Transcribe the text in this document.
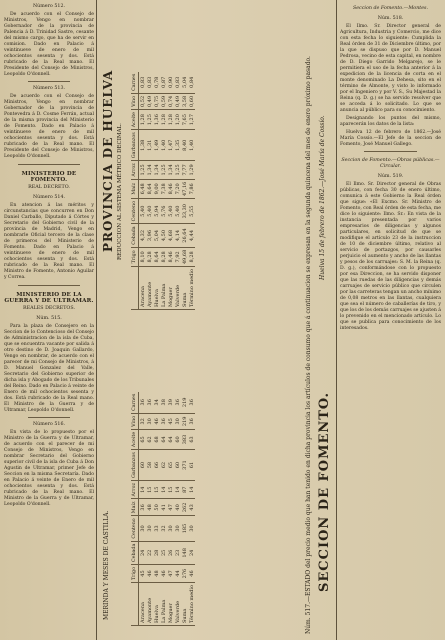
Número 512.

De acuerdo con el Consejo de Ministros, Vengo en nombrar Gobernador de la provincia de Palencia á D. Trinidad Sastre, cesante del mismo cargo, que ha de servir en comision. Dado en Palacio á veintinueve de enero de mil ochocientos sesenta y dos. Está rubricado de la Real mano. El Presidente del Consejo de Ministros, Leopoldo O'donnell.

Número 513.

De acuerdo con el Consejo de Ministros, Vengo en nombrar Gobernador de la provincia de Pontevedra á D. Cosme Ferrán, actual de la misma provincia del Ministerio de Fomento. Dado en Palacio á veintinueve de enero de mil ochocientos sesenta y dos. Está rubricado de la Real mano. El Presidente del Consejo de Ministros, Leopoldo O'donnell.

MINISTERIO DE FOMENTO.
REAL DECRETO.
Número 514.

En atencion á las méritos y circunstancias que concurren en Don Daniel Carballo, Diputado á Córtes y Secretario del Gobierno civil de la provincia de Madrid, Vengo en nombrarle Oficial tercero de la clase de primeros del Ministerio de Fomento. Dado en Palacio á veintinueve de enero de mil ochocientos sesenta y dos. Está rubricado de la Real mano. El Ministro de Fomento, Antonio Aguilar y Correa.

MINISTERIO DE LA GUERRA Y DE ULTRAMAR.
REALES DECRETOS.
Núm. 515.

Para la plaza de Consejero en la Seccion de lo Contencioso del Consejo de Administracion de la isla de Cuba, que se encuentra vacante por salida á otro destino de D. Joaquin Gallardo, Vengo en nombrar, de acuerdo con el parecer de mi Consejo de Ministros, á D. Manuel Gonzalez del Valle, Secretario del Gobierno superior de dicha isla y Abogado de los Tribunales del Reino. Dado en Palacio á veinte de Enero de mil ochocientos sesenta y dos. Está rubricado de la Real mano. El Ministro de la Guerra y de Ultramar, Leopoldo O'donnell.

Número 516.

En vista de lo propuesto por el Ministro de la Guerra y de Ultramar, de acuerdo con el parecer de mi Consejo de Ministros, Vengo en nombrar Secretario del Gobierno superior civil de la isla de Cuba á Don Agustin de Ultramar, primer Jefe de Seccion en la misma Secretaría. Dado en Palacio á veinte de Enero de mil ochocientos sesenta y dos. Está rubricado de la Real mano. El Ministro de la Guerra y de Ultramar, Leopoldo O'donnell.	SECCION DE FOMENTO.
Núm. 517.—ESTADO del precio medio que han tenido en dicha provincia los artículos de consumo que á continuacion se expresan en la segunda quincena del mes de enero próximo pasado.
MERINDA Y MESES DE CASTILLA.
PROVINCIA DE HUELVA REDUCCION AL SISTEMA MÉTRICO DECIMAL.	Huelva 15 de febrero de 1862.—José María de Cossío.
	Trigo	Cebada	Centeno	Maíz	Arroz	Garbanzos	Aceite	Vino	Carnes
Aracena	45	24	30	36	14	60	65	32	36
Ayamonte	46	22	30	48	15	58	62	30	36
Huelva	48	28	33	50	15	66	68	46	34
La Palma	46	25	32	41	14	62	64	36	38
Moguer	47	26	30	47	15	65	64	45	39
Valverde	44	23	30	40	14	60	60	30	36
Suma	276	148	185	262	87	371	383	219	219
Término medio	46	24	30	43	14	61	63	36	36
	Trigo	Cebada	Centeno	Maíz	Arroz	Garbanzos	Aceite	Vino	Carnes
Aracena	8,10	4,32	5,40	6,48	1,25	1,38	1,28	0,52	0,83
Ayamonte	8,28	3,96	5,40	8,64	1,34	1,31	1,25	0,49	0,83
Huelva	8,64	5,04	5,94	9,00	1,34	1,49	1,36	0,75	0,78
La Palma	8,28	4,50	5,76	7,38	1,25	1,40	1,28	0,59	0,87
Moguer	8,46	4,68	5,40	8,46	1,34	1,47	1,28	0,74	0,90
Valverde	7,92	4,14	5,40	7,20	1,25	1,35	1,20	0,49	0,83
Suma	49,68	26,64	33,30	47,16	7,77	8,40	7,65	3,58	5,04
Término medio	8,28	4,44	5,55	7,86	1,29	1,40	1,27	0,60	0,84
Seccion de Fomento.—Montes.
Núm. 518.

El Ilmo. Sr. Director general de Agricultura, Industria y Comercio, me dice con esta fecha lo siguiente: Cumplida la Real órden de 31 de Diciembre último, por la que se dispuso que por D. Manuel Pedrosa, vecino de esta capital, en nombre de D. Diego Garrido Melgarejo, se le permitiera el uso de la fecha anterior á la expedicion de la licencia de corta en el monte denominado La Dehesa, sito en el término de Almonte, y visto lo informado por el Ingeniero y por V. S., Su Majestad la Reina (q. D. g.) se ha servido resolver que se acceda á lo solicitado. Lo que se anuncia al público para su conocimiento.

Designando los puntos del mismo, aparecerán los datos de la lista:

Huelva 12 de febrero de 1862.—José María Cossío.—El Jefe de la seccion de Fomento, José Manuel Gallego.

Seccion de Fomento.—Obras públicas.—Circular.
Núm. 519.

El Ilmo. Sr. Director general de Obras públicas, con fecha 30 de enero último, comunica á este Gobierno la Real órden que sigue: «El Excmo. Sr. Ministro de Fomento, con Real órden de esta fecha, me dice lo siguiente: Ilmo. Sr.: En vista de la instancia presentada por varios empresarios de diligencias y algunos particulares, en solicitud de que se modifique el artículo 23 de la instruccion de 10 de diciembre último, relativo al servicio de portazgos, por causarles perjuicio el aumento y ancho de las llantas y pesos de los carruajes: S. M. la Reina (q. D. g.), conformándose con lo propuesto por esa Direccion, se ha servido disponer que las ruedas de las diligencias y demás carruajes de servicio público que circulen por las carreteras tengan un ancho mínimo de 0,08 metros en las llantas, cualquiera que sea el número de caballerías de tiro, y que los de los demás carruajes se ajusten á lo prevenido en el mencionado artículo. Lo que se publica para conocimiento de los interesados.
